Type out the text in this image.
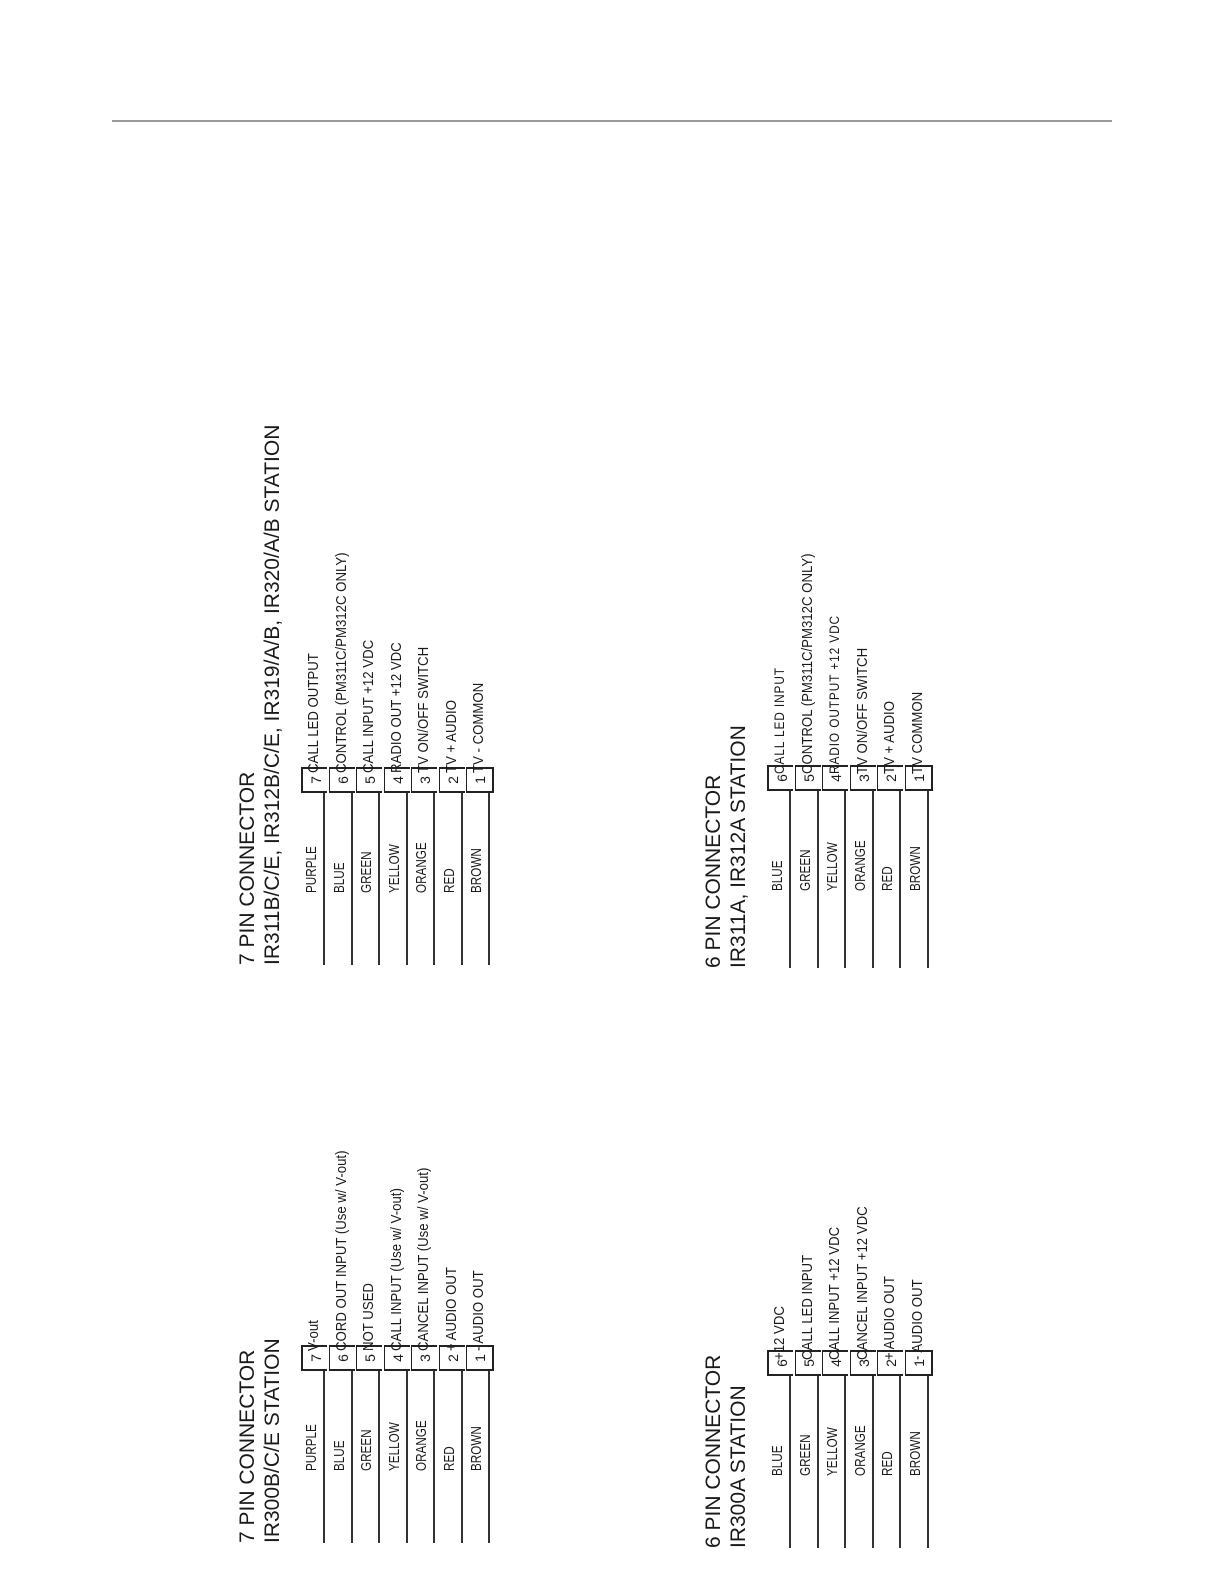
7 PIN CONNECTOR IR300B/C/E STATION PURPLE
7
V-out
BLUE
6
CORD OUT INPUT (Use w/ V-out)
GREEN
5
NOT USED
YELLOW
4
CALL INPUT (Use w/ V-out)
ORANGE
3
CANCEL INPUT (Use w/ V-out)
RED
2
+ AUDIO OUT
BROWN
1
- AUDIO OUT
7 PIN CONNECTOR IR311B/C/E, IR312B/C/E, IR319/A/B, IR320/A/B STATION PURPLE
7
CALL LED OUTPUT
BLUE
6
CONTROL (PM311C/PM312C ONLY)
GREEN
5
CALL INPUT +12 VDC
YELLOW
4
RADIO OUT +12 VDC
ORANGE
3
TV ON/OFF SWITCH
RED
2
TV + AUDIO
BROWN
1
TV - COMMON
6 PIN CONNECTOR IR300A STATION BLUE
6
+12 VDC
GREEN
5
CALL LED INPUT
YELLOW
4
CALL INPUT +12 VDC
ORANGE
3
CANCEL INPUT +12 VDC
RED
2
+ AUDIO OUT
BROWN
1
- AUDIO OUT
6 PIN CONNECTOR IR311A, IR312A STATION BLUE
6
CALL LED INPUT
GREEN
5
CONTROL (PM311C/PM312C ONLY)
YELLOW
4
RADIO OUTPUT +12 VDC
ORANGE
3
TV ON/OFF SWITCH
RED
2
TV + AUDIO
BROWN
1
TV COMMON
